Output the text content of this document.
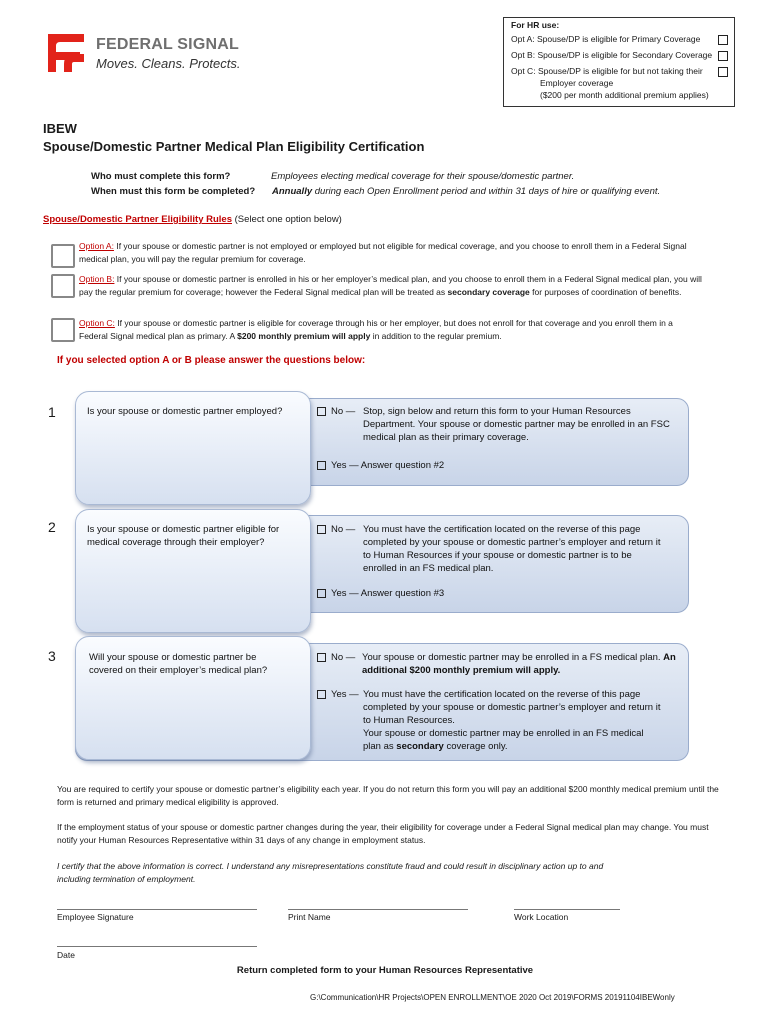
FEDERAL SIGNAL
Moves. Cleans. Protects.
For HR use:
Opt A: Spouse/DP is eligible for Primary Coverage
Opt B: Spouse/DP is eligible for Secondary Coverage
Opt C: Spouse/DP is eligible for but not taking their
Employer coverage
($200 per month additional premium applies)
IBEW
Spouse/Domestic Partner Medical Plan Eligibility Certification
Who must complete this form?	Employees electing medical coverage for their spouse/domestic partner.
When must this form be completed? Annually during each Open Enrollment period and within 31 days of hire or qualifying event.
Spouse/Domestic Partner Eligibility Rules (Select one option below)
Option A: If your spouse or domestic partner is not employed or employed but not eligible for medical coverage, and you choose to enroll them in a Federal Signal medical plan, you will pay the regular premium for coverage.
Option B: If your spouse or domestic partner is enrolled in his or her employer’s medical plan, and you choose to enroll them in a Federal Signal medical plan, you will pay the regular premium for coverage; however the Federal Signal medical plan will be treated as secondary coverage for purposes of coordination of benefits.
Option C: If your spouse or domestic partner is eligible for coverage through his or her employer, but does not enroll for that coverage and you enroll them in a Federal Signal medical plan as primary. A $200 monthly premium will apply in addition to the regular premium.
If you selected option A or B please answer the questions below:
1	Is your spouse or domestic partner employed?	No — Stop, sign below and return this form to your Human Resources Department. Your spouse or domestic partner may be enrolled in an FSC medical plan as their primary coverage.
Yes — Answer question #2
2	Is your spouse or domestic partner eligible for medical coverage through their employer?
No — You must have the certification located on the reverse of this page completed by your spouse or domestic partner’s employer and return it to Human Resources if your spouse or domestic partner is to be enrolled in an FS medical plan.
Yes — Answer question #3
3	Will your spouse or domestic partner be covered on their employer’s medical plan?
No — Your spouse or domestic partner may be enrolled in a FS medical plan. An additional $200 monthly premium will apply.
Yes — You must have the certification located on the reverse of this page completed by your spouse or domestic partner’s employer and return it to Human Resources.
Your spouse or domestic partner may be enrolled in an FS medical plan as secondary coverage only.
You are required to certify your spouse or domestic partner’s eligibility each year. If you do not return this form you will pay an additional $200 monthly medical premium until the form is returned and primary medical eligibility is approved.
If the employment status of your spouse or domestic partner changes during the year, their eligibility for coverage under a Federal Signal medical plan may change. You must notify your Human Resources Representative within 31 days of any change in employment status.
I certify that the above information is correct. I understand any misrepresentations constitute fraud and could result in disciplinary action up to and including termination of employment.
Employee Signature	Print Name	Work Location
Date
Return completed form to your Human Resources Representative
G:\Communication\HR Projects\OPEN ENROLLMENT\OE 2020 Oct 2019\FORMS 20191104IBEWonly
